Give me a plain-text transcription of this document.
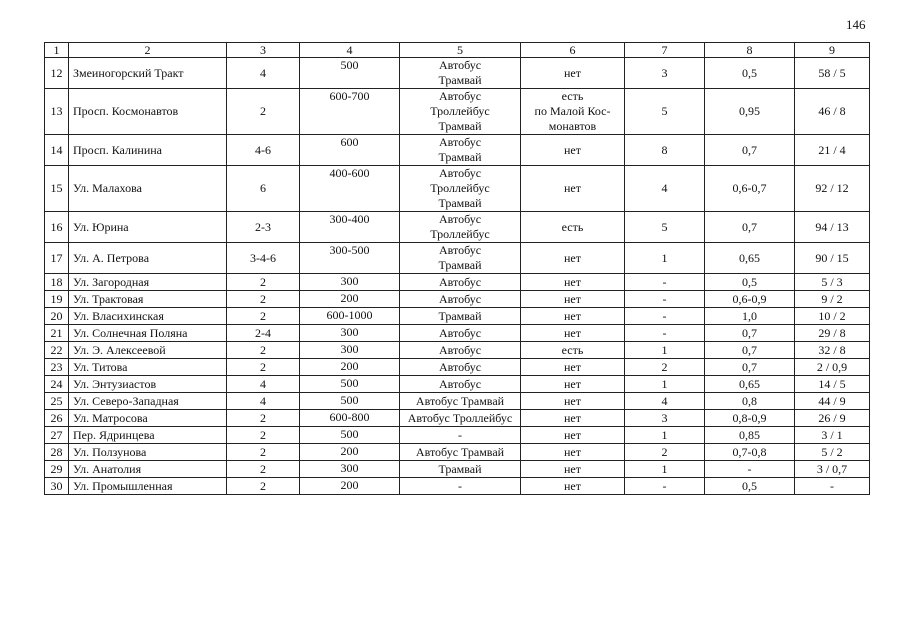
146
1	2	3	4	5	6	7	8	9
12	Змеиногорский Тракт	4	500	Автобус
Трамвай	нет	3	0,5	58 / 5
13	Просп. Космонавтов	2	600-700	Автобус
Троллейбус
Трамвай	есть
по Малой Кос-
монавтов	5	0,95	46 / 8
14	Просп. Калинина	4-6	600	Автобус
Трамвай	нет	8	0,7	21 / 4
15	Ул. Малахова	6	400-600	Автобус
Троллейбус
Трамвай	нет	4	0,6-0,7	92 / 12
16	Ул. Юрина	2-3	300-400	Автобус
Троллейбус	есть	5	0,7	94 / 13
17	Ул. А. Петрова	3-4-6	300-500	Автобус
Трамвай	нет	1	0,65	90 / 15
18	Ул. Загородная	2	300	Автобус	нет	-	0,5	5 / 3
19	Ул. Трактовая	2	200	Автобус	нет	-	0,6-0,9	9 / 2
20	Ул. Власихинская	2	600-1000	Трамвай	нет	-	1,0	10 / 2
21	Ул. Солнечная Поляна	2-4	300	Автобус	нет	-	0,7	29 / 8
22	Ул. Э. Алексеевой	2	300	Автобус	есть	1	0,7	32 / 8
23	Ул. Титова	2	200	Автобус	нет	2	0,7	2 / 0,9
24	Ул. Энтузиастов	4	500	Автобус	нет	1	0,65	14 / 5
25	Ул. Северо-Западная	4	500	Автобус Трамвай	нет	4	0,8	44 / 9
26	Ул. Матросова	2	600-800	Автобус Троллейбус	нет	3	0,8-0,9	26 / 9
27	Пер. Ядринцева	2	500	-	нет	1	0,85	3 / 1
28	Ул. Ползунова	2	200	Автобус Трамвай	нет	2	0,7-0,8	5 / 2
29	Ул. Анатолия	2	300	Трамвай	нет	1	-	3 / 0,7
30	Ул. Промышленная	2	200	-	нет	-	0,5	-
